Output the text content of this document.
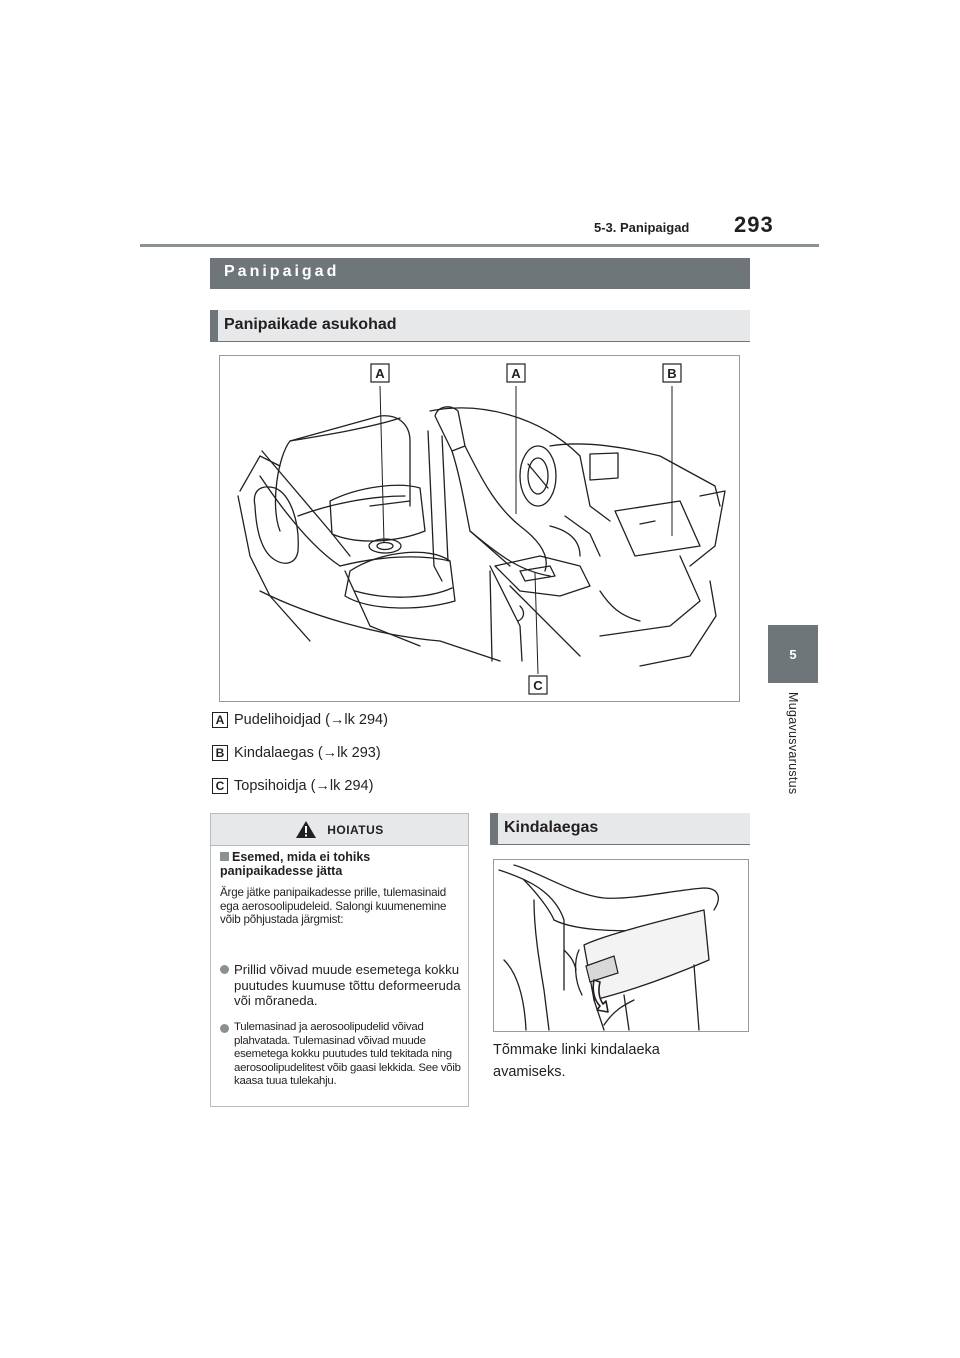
5-3. Panipaigad 293
5
Mugavusvarustus
Panipaigad
Panipaikade asukohad
A	A	B
C
A Pudelihoidjad (→lk 294)
B Kindalaegas (→lk 293)
C Topsihoidja (→lk 294)
HOIATUS
Esemed, mida ei tohiks panipaikadesse jätta
Ärge jätke panipaikadesse prille, tulemasinaid ega aerosoolipudeleid. Salongi kuumenemine võib põhjustada järgmist:
Prillid võivad muude esemetega kokku puutudes kuumuse tõttu deformeeruda või mõraneda.
Tulemasinad ja aerosoolipudelid võivad plahvatada. Tulemasinad võivad muude esemetega kokku puutudes tuld tekitada ning aerosoolipudelitest võib gaasi lekkida. See võib kaasa tuua tulekahju.
Kindalaegas
Tõmmake linki kindalaeka avamiseks.
